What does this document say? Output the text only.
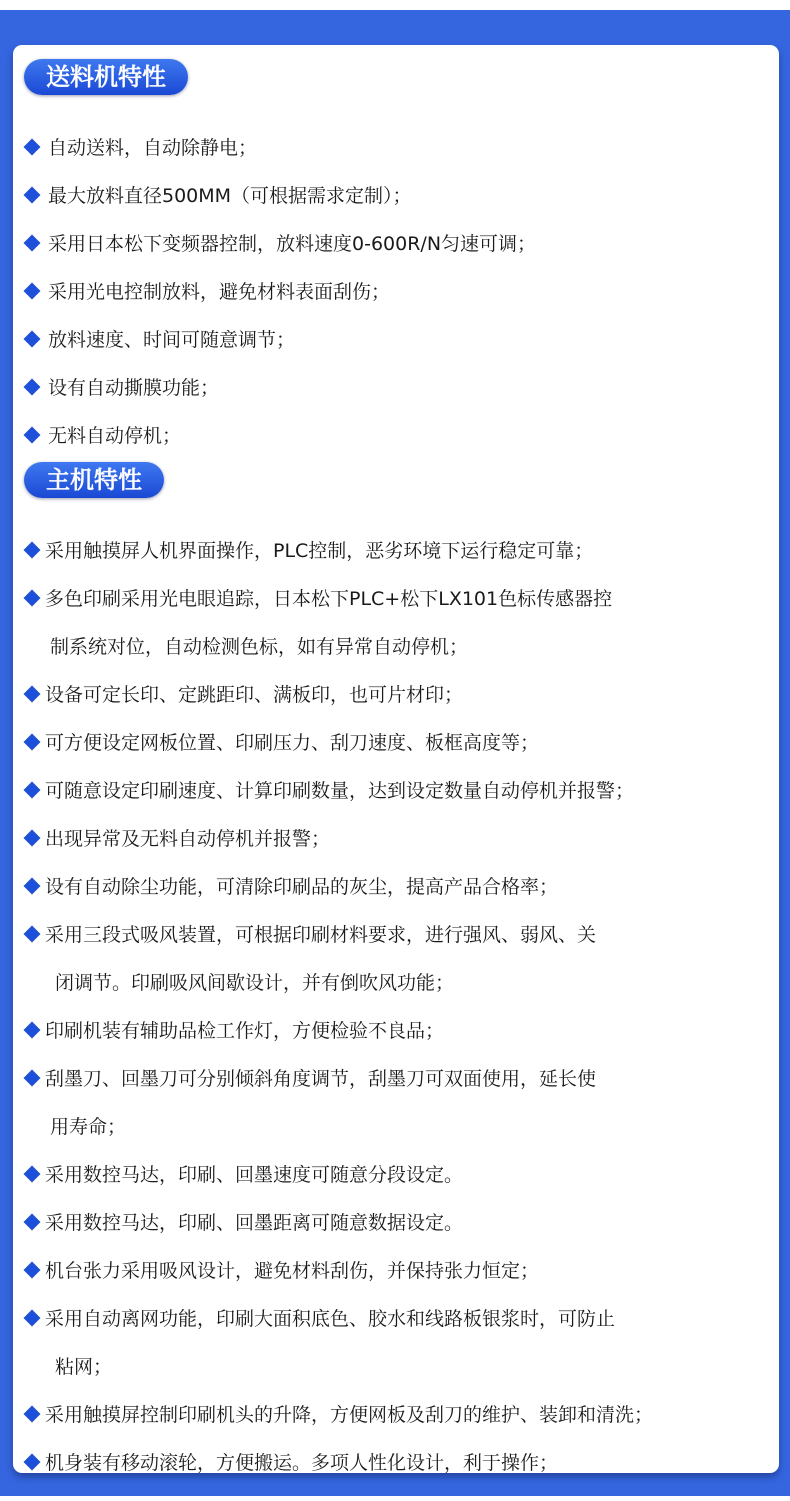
送料机特性
自动送料，自动除静电；
最大放料直径500MM（可根据需求定制）；
采用日本松下变频器控制，放料速度0-600R/N匀速可调；
采用光电控制放料，避免材料表面刮伤；
放料速度、时间可随意调节；
设有自动撕膜功能；
无料自动停机；
主机特性
采用触摸屏人机界面操作，PLC控制，恶劣环境下运行稳定可靠；
多色印刷采用光电眼追踪，日本松下PLC+松下LX101色标传感器控
制系统对位，自动检测色标，如有异常自动停机；
设备可定长印、定跳距印、满板印，也可片材印；
可方便设定网板位置、印刷压力、刮刀速度、板框高度等；
可随意设定印刷速度、计算印刷数量，达到设定数量自动停机并报警；
出现异常及无料自动停机并报警；
设有自动除尘功能，可清除印刷品的灰尘，提高产品合格率；
采用三段式吸风装置，可根据印刷材料要求，进行强风、弱风、关
闭调节。印刷吸风间歇设计，并有倒吹风功能；
印刷机装有辅助品检工作灯，方便检验不良品；
刮墨刀、回墨刀可分别倾斜角度调节，刮墨刀可双面使用，延长使
用寿命；
采用数控马达，印刷、回墨速度可随意分段设定。
采用数控马达，印刷、回墨距离可随意数据设定。
机台张力采用吸风设计，避免材料刮伤，并保持张力恒定；
采用自动离网功能，印刷大面积底色、胶水和线路板银浆时，可防止
粘网；
采用触摸屏控制印刷机头的升降，方便网板及刮刀的维护、装卸和清洗；
机身装有移动滚轮，方便搬运。多项人性化设计，利于操作；
